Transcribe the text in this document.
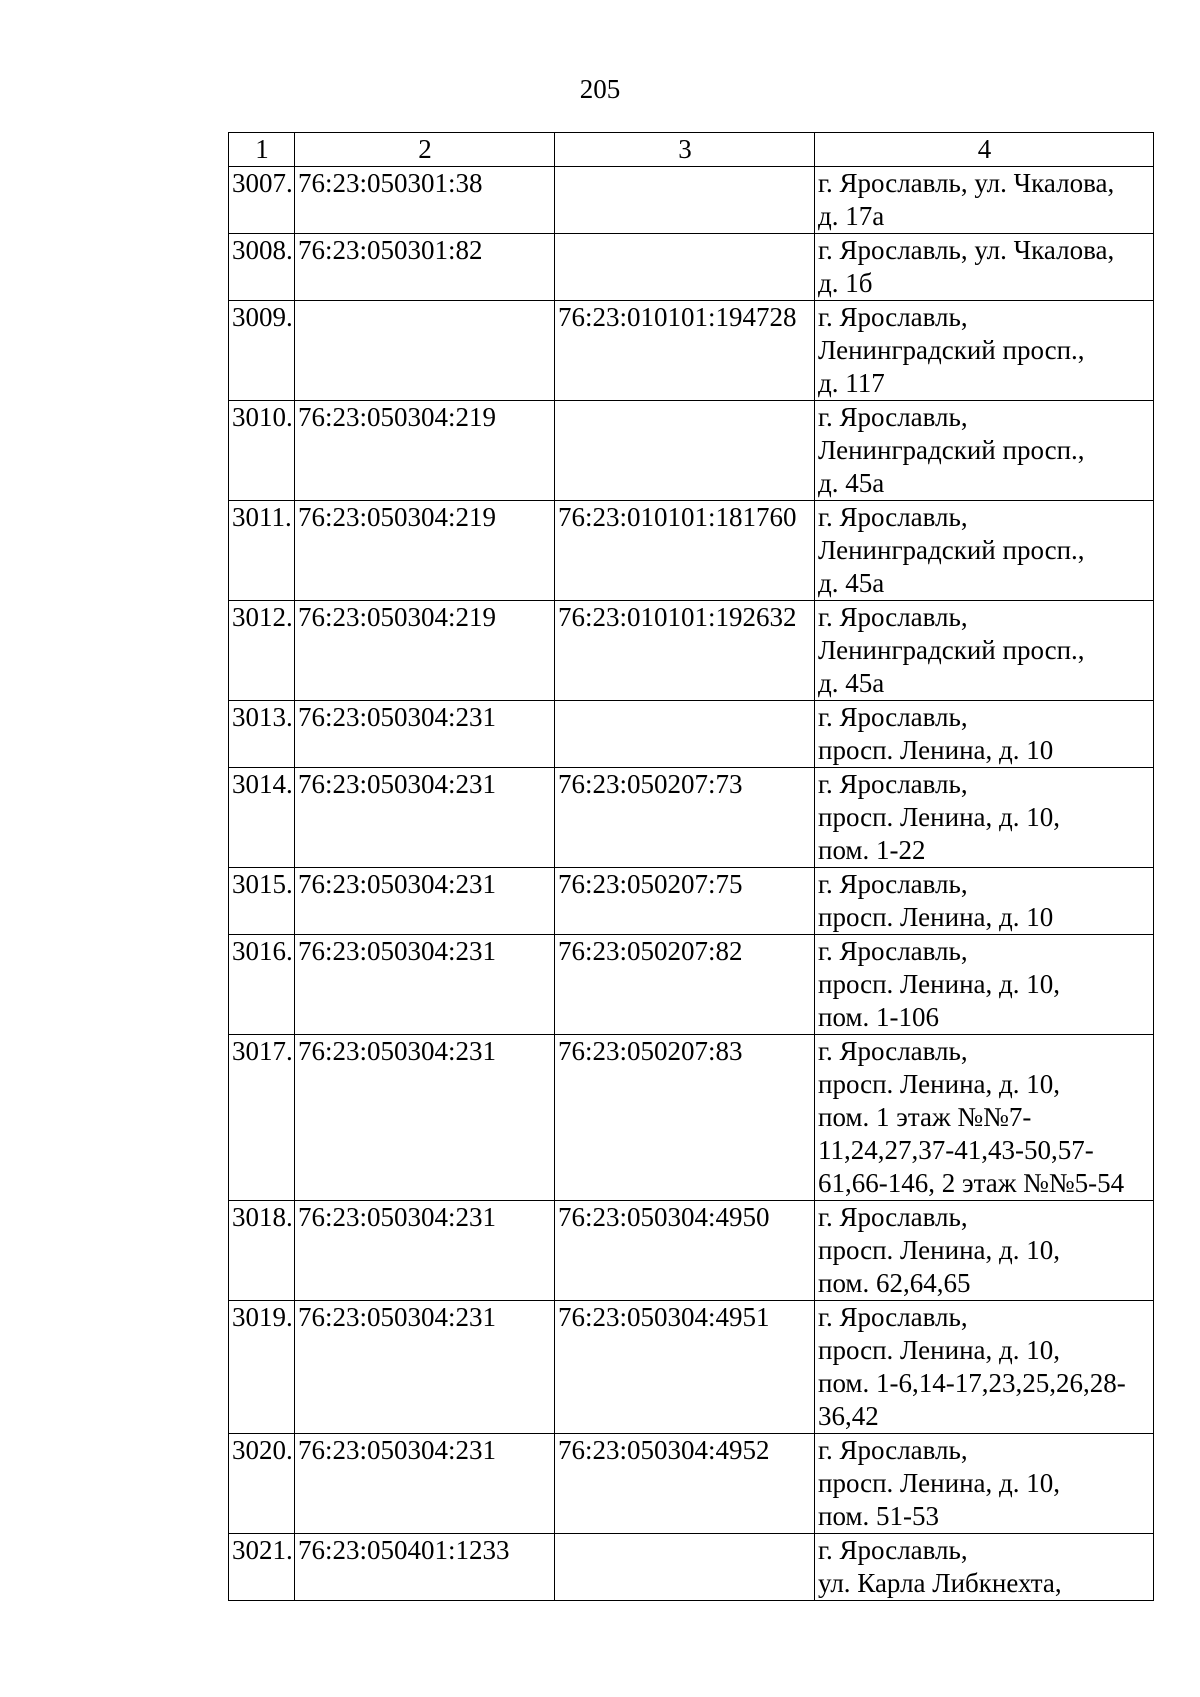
205
1	2	3	4
3007.	76:23:050301:38		г. Ярославль, ул. Чкалова,
д. 17а
3008.	76:23:050301:82		г. Ярославль, ул. Чкалова,
д. 1б
3009.		76:23:010101:194728	г. Ярославль,
Ленинградский просп.,
д. 117
3010.	76:23:050304:219		г. Ярославль,
Ленинградский просп.,
д. 45а
3011.	76:23:050304:219	76:23:010101:181760	г. Ярославль,
Ленинградский просп.,
д. 45а
3012.	76:23:050304:219	76:23:010101:192632	г. Ярославль,
Ленинградский просп.,
д. 45а
3013.	76:23:050304:231		г. Ярославль,
просп. Ленина, д. 10
3014.	76:23:050304:231	76:23:050207:73	г. Ярославль,
просп. Ленина, д. 10,
пом. 1-22
3015.	76:23:050304:231	76:23:050207:75	г. Ярославль,
просп. Ленина, д. 10
3016.	76:23:050304:231	76:23:050207:82	г. Ярославль,
просп. Ленина, д. 10,
пом. 1-106
3017.	76:23:050304:231	76:23:050207:83	г. Ярославль,
просп. Ленина, д. 10,
пом. 1 этаж №№7-
11,24,27,37-41,43-50,57-
61,66-146, 2 этаж №№5-54
3018.	76:23:050304:231	76:23:050304:4950	г. Ярославль,
просп. Ленина, д. 10,
пом. 62,64,65
3019.	76:23:050304:231	76:23:050304:4951	г. Ярославль,
просп. Ленина, д. 10,
пом. 1-6,14-17,23,25,26,28-
36,42
3020.	76:23:050304:231	76:23:050304:4952	г. Ярославль,
просп. Ленина, д. 10,
пом. 51-53
3021.	76:23:050401:1233		г. Ярославль,
ул. Карла Либкнехта,
